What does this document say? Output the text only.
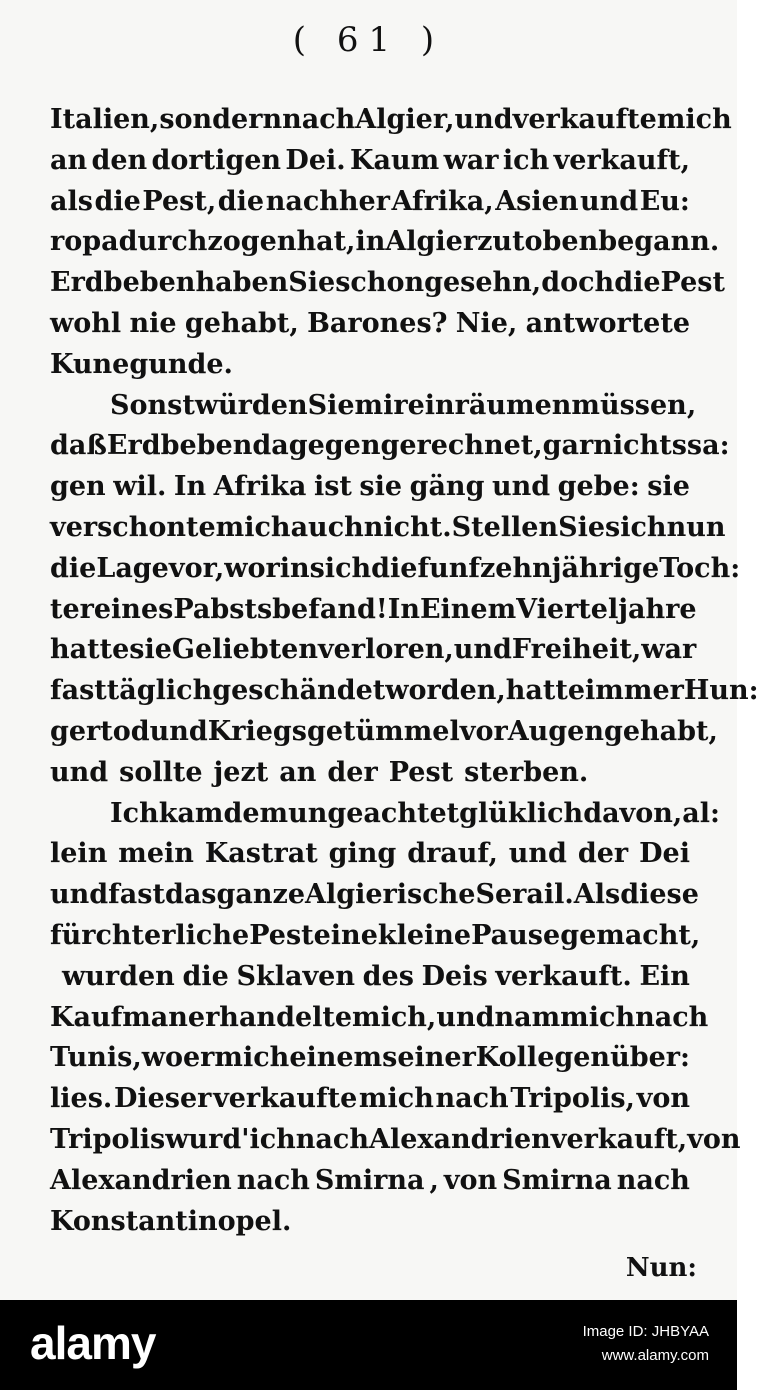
( 61 )
Italien, sondern nach Algier, und verkaufte mich
an den dortigen Dei. Kaum war ich verkauft,
als die Pest, die nachher Afrika, Asien und Eu:
ropa durchzogen hat, in Algier zu toben begann.
Erdbeben haben Sie schon gesehn, doch die Pest
wohl nie gehabt, Barones? Nie, antwortete
Kunegunde.
Sonst würden Sie mir einräumen müssen,
daß Erdbeben dagegen gerechnet, gar nichts sa:
gen wil. In Afrika ist sie gäng und gebe: sie
verschonte mich auch nicht. Stellen Sie sich nun
die Lage vor, worin sich die funfzehnjährige Toch:
ter eines Pabsts befand! In Einem Vierteljahre
hatte sie Geliebten verloren, und Freiheit, war
fast täglich geschändet worden, hatte immer Hun:
gertod und Kriegsgetümmel vor Augen gehabt,
und sollte jezt an der Pest sterben.
Ich kam demungeachtet glüklich davon, al:
lein mein Kastrat ging drauf, und der Dei
und fast das ganze Algierische Serail. Als diese
fürchterliche Pest eine kleine Pause gemacht,
wurden die Sklaven des Deis verkauft. Ein
Kaufman erhandelte mich, und nam mich nach
Tunis, wo er mich einem seiner Kollegen über:
lies. Dieser verkaufte mich nach Tripolis, von
Tripolis wurd' ich nach Alexandrien verkauft, von
Alexandrien nach Smirna , von Smirna nach
Konstantinopel.
Nun:
alamy	Image ID: JHBYAA
www.alamy.com
